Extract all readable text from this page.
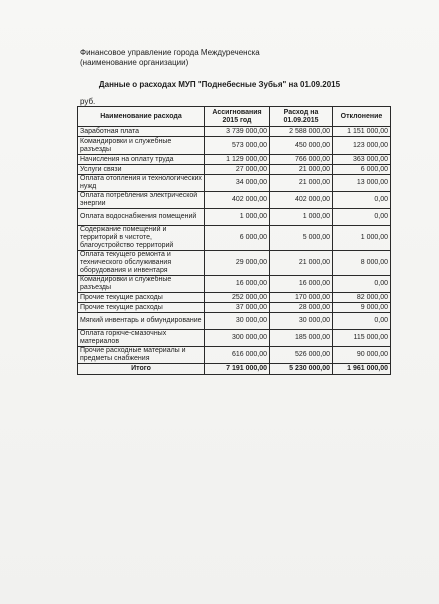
Финансовое управление города Междуреченска
(наименование организации)
Данные о расходах МУП "Поднебесные Зубья" на 01.09.2015
руб.
Наименование расхода	Ассигнования 2015 год	Расход на 01.09.2015	Отклонение
Заработная плата	3 739 000,00	2 588 000,00	1 151 000,00
Командировки и служебные разъезды	573 000,00	450 000,00	123 000,00
Начисления на оплату труда	1 129 000,00	766 000,00	363 000,00
Услуги связи	27 000,00	21 000,00	6 000,00
Оплата отопления и технологических нужд	34 000,00	21 000,00	13 000,00
Оплата потребления электрической энергии	402 000,00	402 000,00	0,00
Оплата водоснабжения помещений	1 000,00	1 000,00	0,00
Содержание помещений и территорий в чистоте, благоустройство территорий	6 000,00	5 000,00	1 000,00
Оплата текущего ремонта и технического обслуживания оборудования и инвентаря	29 000,00	21 000,00	8 000,00
Командировки и служебные разъезды	16 000,00	16 000,00	0,00
Прочие текущие расходы	252 000,00	170 000,00	82 000,00
Прочие текущие расходы	37 000,00	28 000,00	9 000,00
Мягкий инвентарь и обмундирование	30 000,00	30 000,00	0,00
Оплата горюче-смазочных материалов	300 000,00	185 000,00	115 000,00
Прочие расходные материалы и предметы снабжения	616 000,00	526 000,00	90 000,00
Итого	7 191 000,00	5 230 000,00	1 961 000,00
